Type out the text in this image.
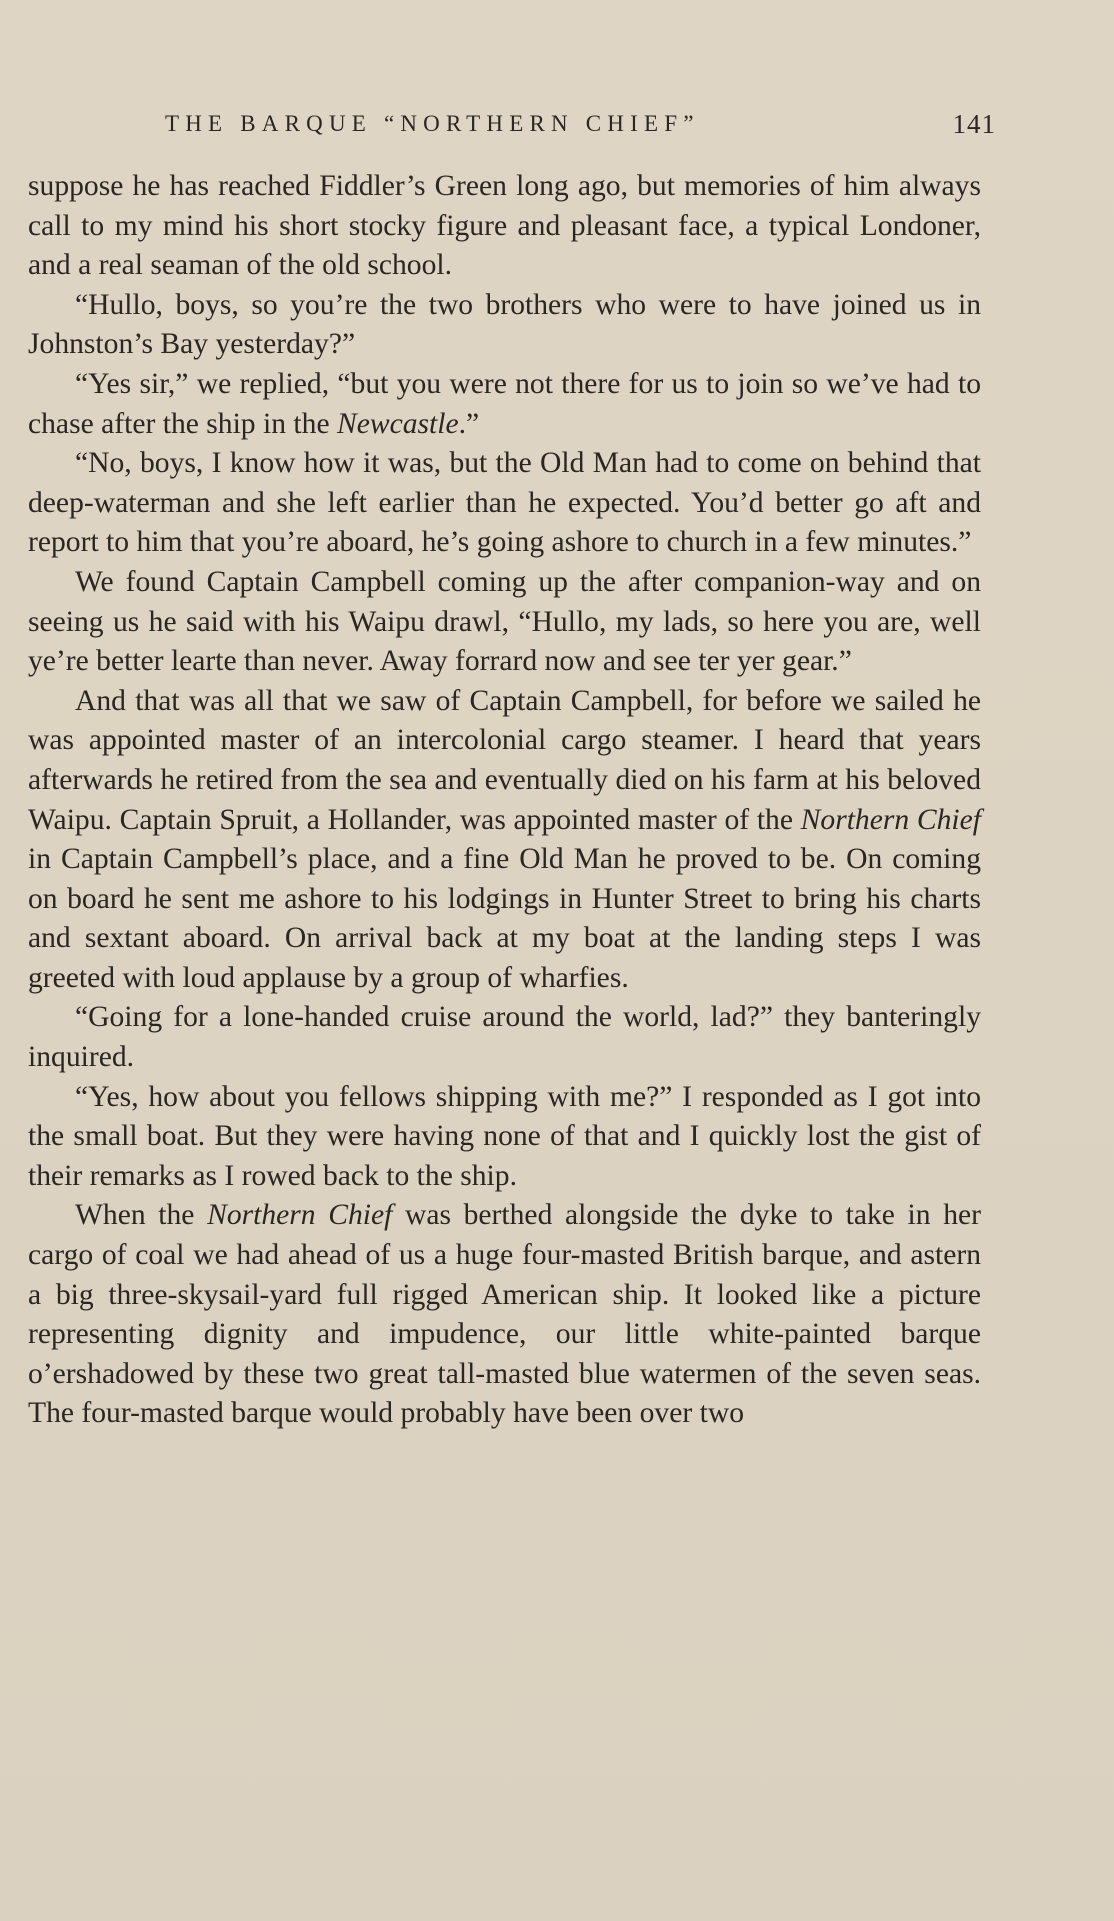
THE BARQUE “NORTHERN CHIEF”	141

suppose he has reached Fiddler’s Green long ago, but memories of him always call to my mind his short stocky figure and pleasant face, a typical Londoner, and a real seaman of the old school.

“Hullo, boys, so you’re the two brothers who were to have joined us in Johnston’s Bay yesterday?”

“Yes sir,” we replied, “but you were not there for us to join so we’ve had to chase after the ship in the Newcastle.”

“No, boys, I know how it was, but the Old Man had to come on behind that deep-waterman and she left earlier than he expected. You’d better go aft and report to him that you’re aboard, he’s going ashore to church in a few minutes.”

We found Captain Campbell coming up the after companion-way and on seeing us he said with his Waipu drawl, “Hullo, my lads, so here you are, well ye’re better learte than never. Away forrard now and see ter yer gear.”

And that was all that we saw of Captain Campbell, for before we sailed he was appointed master of an intercolonial cargo steamer. I heard that years afterwards he retired from the sea and eventually died on his farm at his beloved Waipu. Captain Spruit, a Hollander, was appointed master of the Northern Chief in Captain Campbell’s place, and a fine Old Man he proved to be. On coming on board he sent me ashore to his lodgings in Hunter Street to bring his charts and sextant aboard. On arrival back at my boat at the landing steps I was greeted with loud applause by a group of wharfies.

“Going for a lone-handed cruise around the world, lad?” they banteringly inquired.

“Yes, how about you fellows shipping with me?” I responded as I got into the small boat. But they were having none of that and I quickly lost the gist of their remarks as I rowed back to the ship.

When the Northern Chief was berthed alongside the dyke to take in her cargo of coal we had ahead of us a huge four-masted British barque, and astern a big three-skysail-yard full rigged American ship. It looked like a picture representing dignity and impudence, our little white-painted barque o’ershadowed by these two great tall-masted blue watermen of the seven seas. The four-masted barque would probably have been over two
